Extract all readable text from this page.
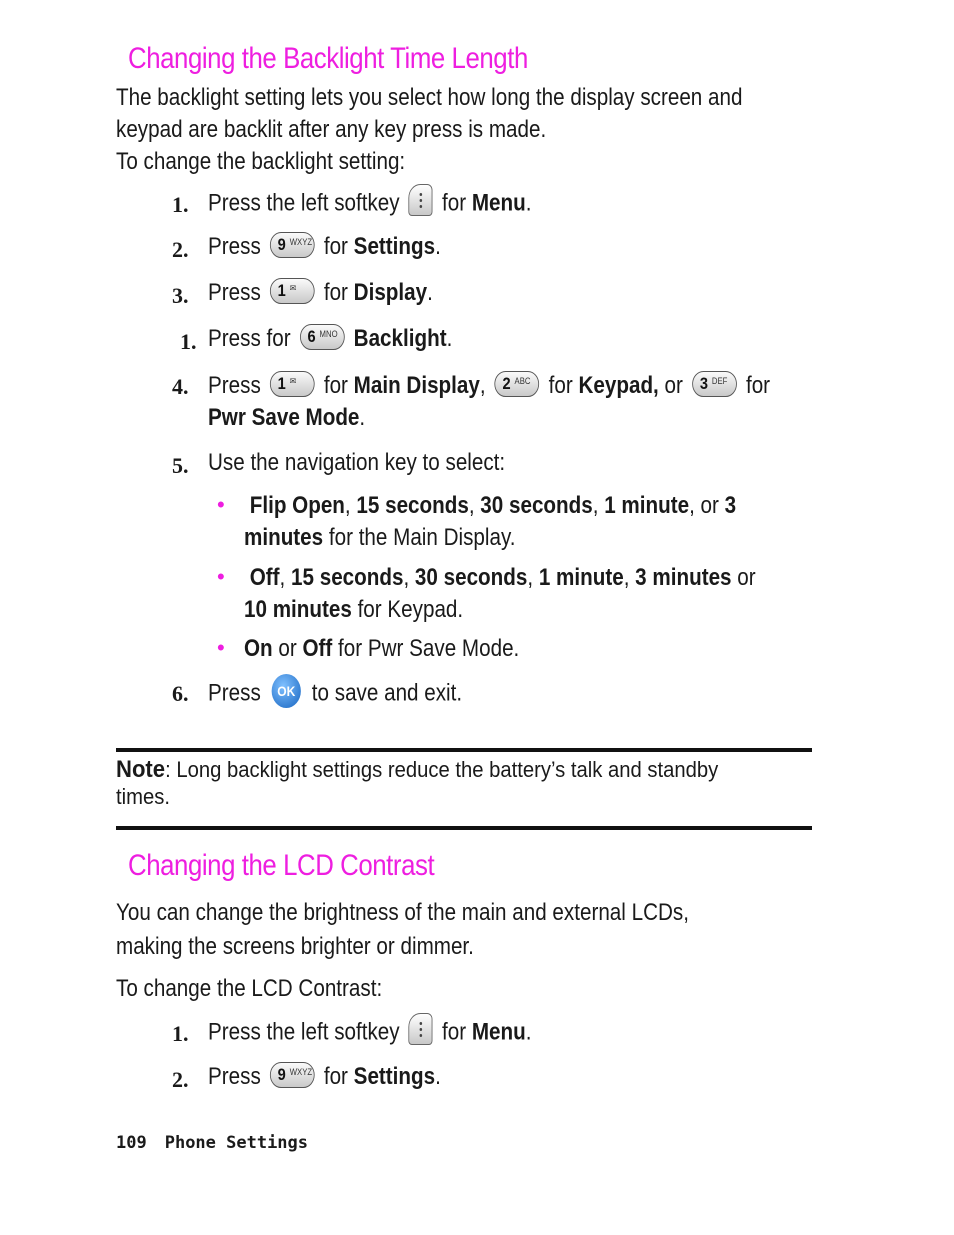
Changing the Backlight Time Length
The backlight setting lets you select how long the display screen and
keypad are backlit after any key press is made.
To change the backlight setting:
1. Press the left softkey for Menu.
2. Press 9 WXYZ for Settings.
3. Press 1 ✉ for Display.
1. Press for 6 MNO Backlight.
4. Press 1 ✉ for Main Display, 2 ABC for Keypad, or 3 DEF for
Pwr Save Mode.
5. Use the navigation key to select:
• Flip Open, 15 seconds, 30 seconds, 1 minute, or 3
minutes for the Main Display.
• Off, 15 seconds, 30 seconds, 1 minute, 3 minutes or
10 minutes for Keypad.
• On or Off for Pwr Save Mode.
6. Press OK to save and exit.
Note: Long backlight settings reduce the battery’s talk and standby
times.
Changing the LCD Contrast
You can change the brightness of the main and external LCDs,
making the screens brighter or dimmer.
To change the LCD Contrast:
1. Press the left softkey for Menu.
2. Press 9 WXYZ for Settings.
109 Phone Settings
